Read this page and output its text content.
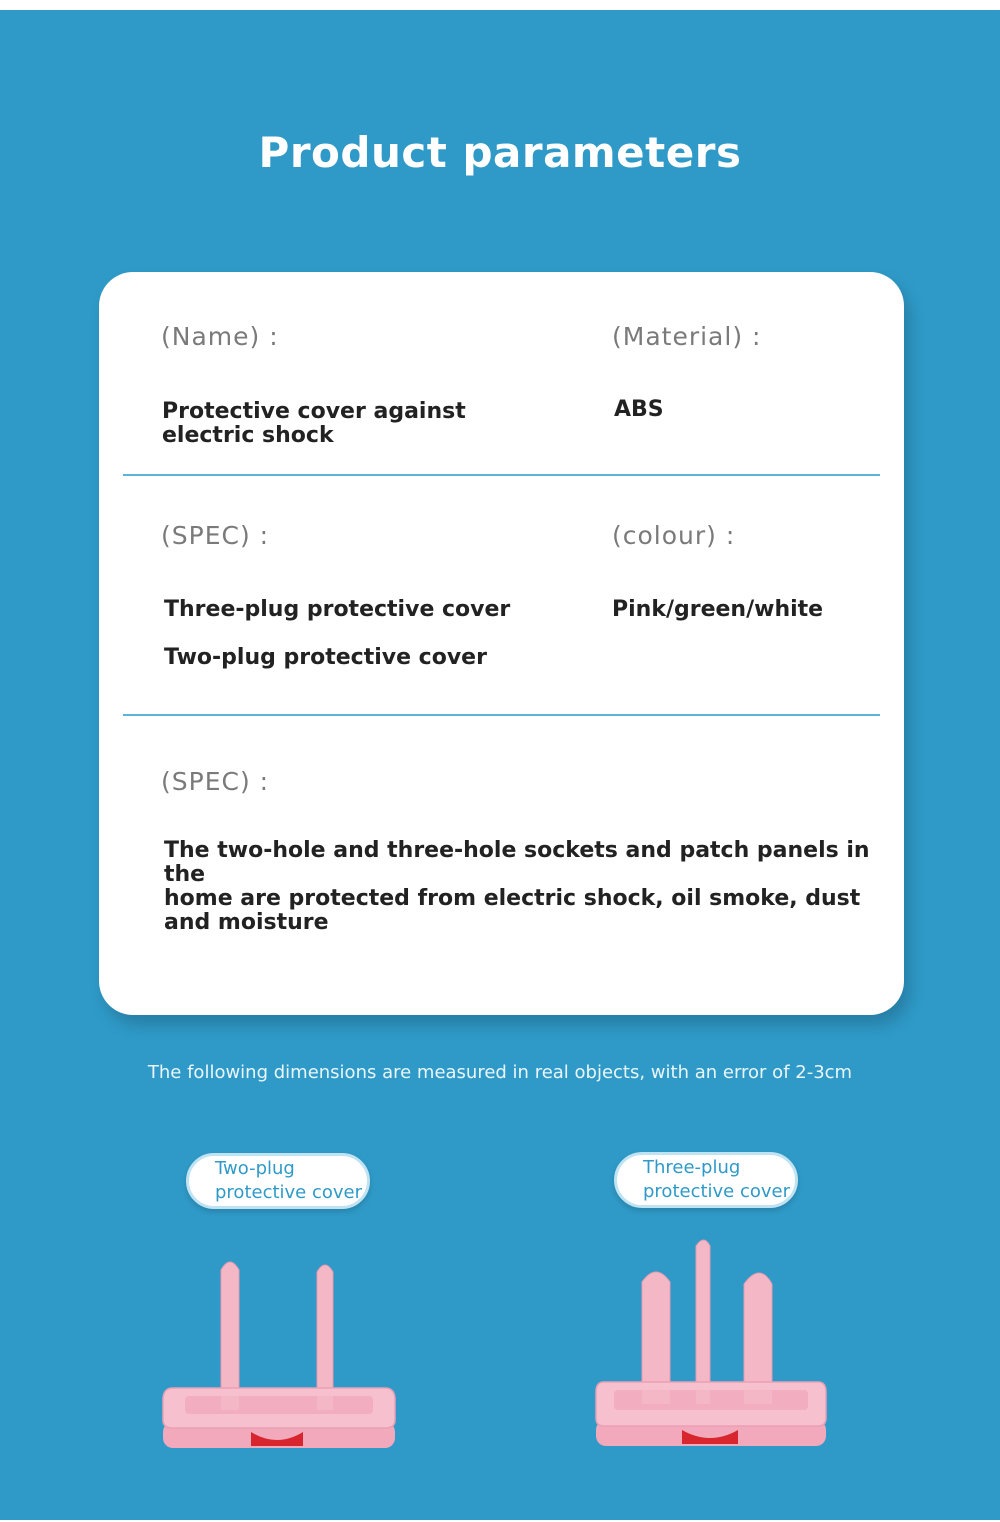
Product parameters
(Name) :
Protective cover against
electric shock
(Material) :
ABS
(SPEC) :
Three-plug protective cover
Two-plug protective cover
(colour) :
Pink/green/white
(SPEC) :
The two-hole and three-hole sockets and patch panels in the
home are protected from electric shock, oil smoke, dust
and moisture
The following dimensions are measured in real objects, with an error of 2-3cm
Two-plug
protective cover
Three-plug
protective cover
